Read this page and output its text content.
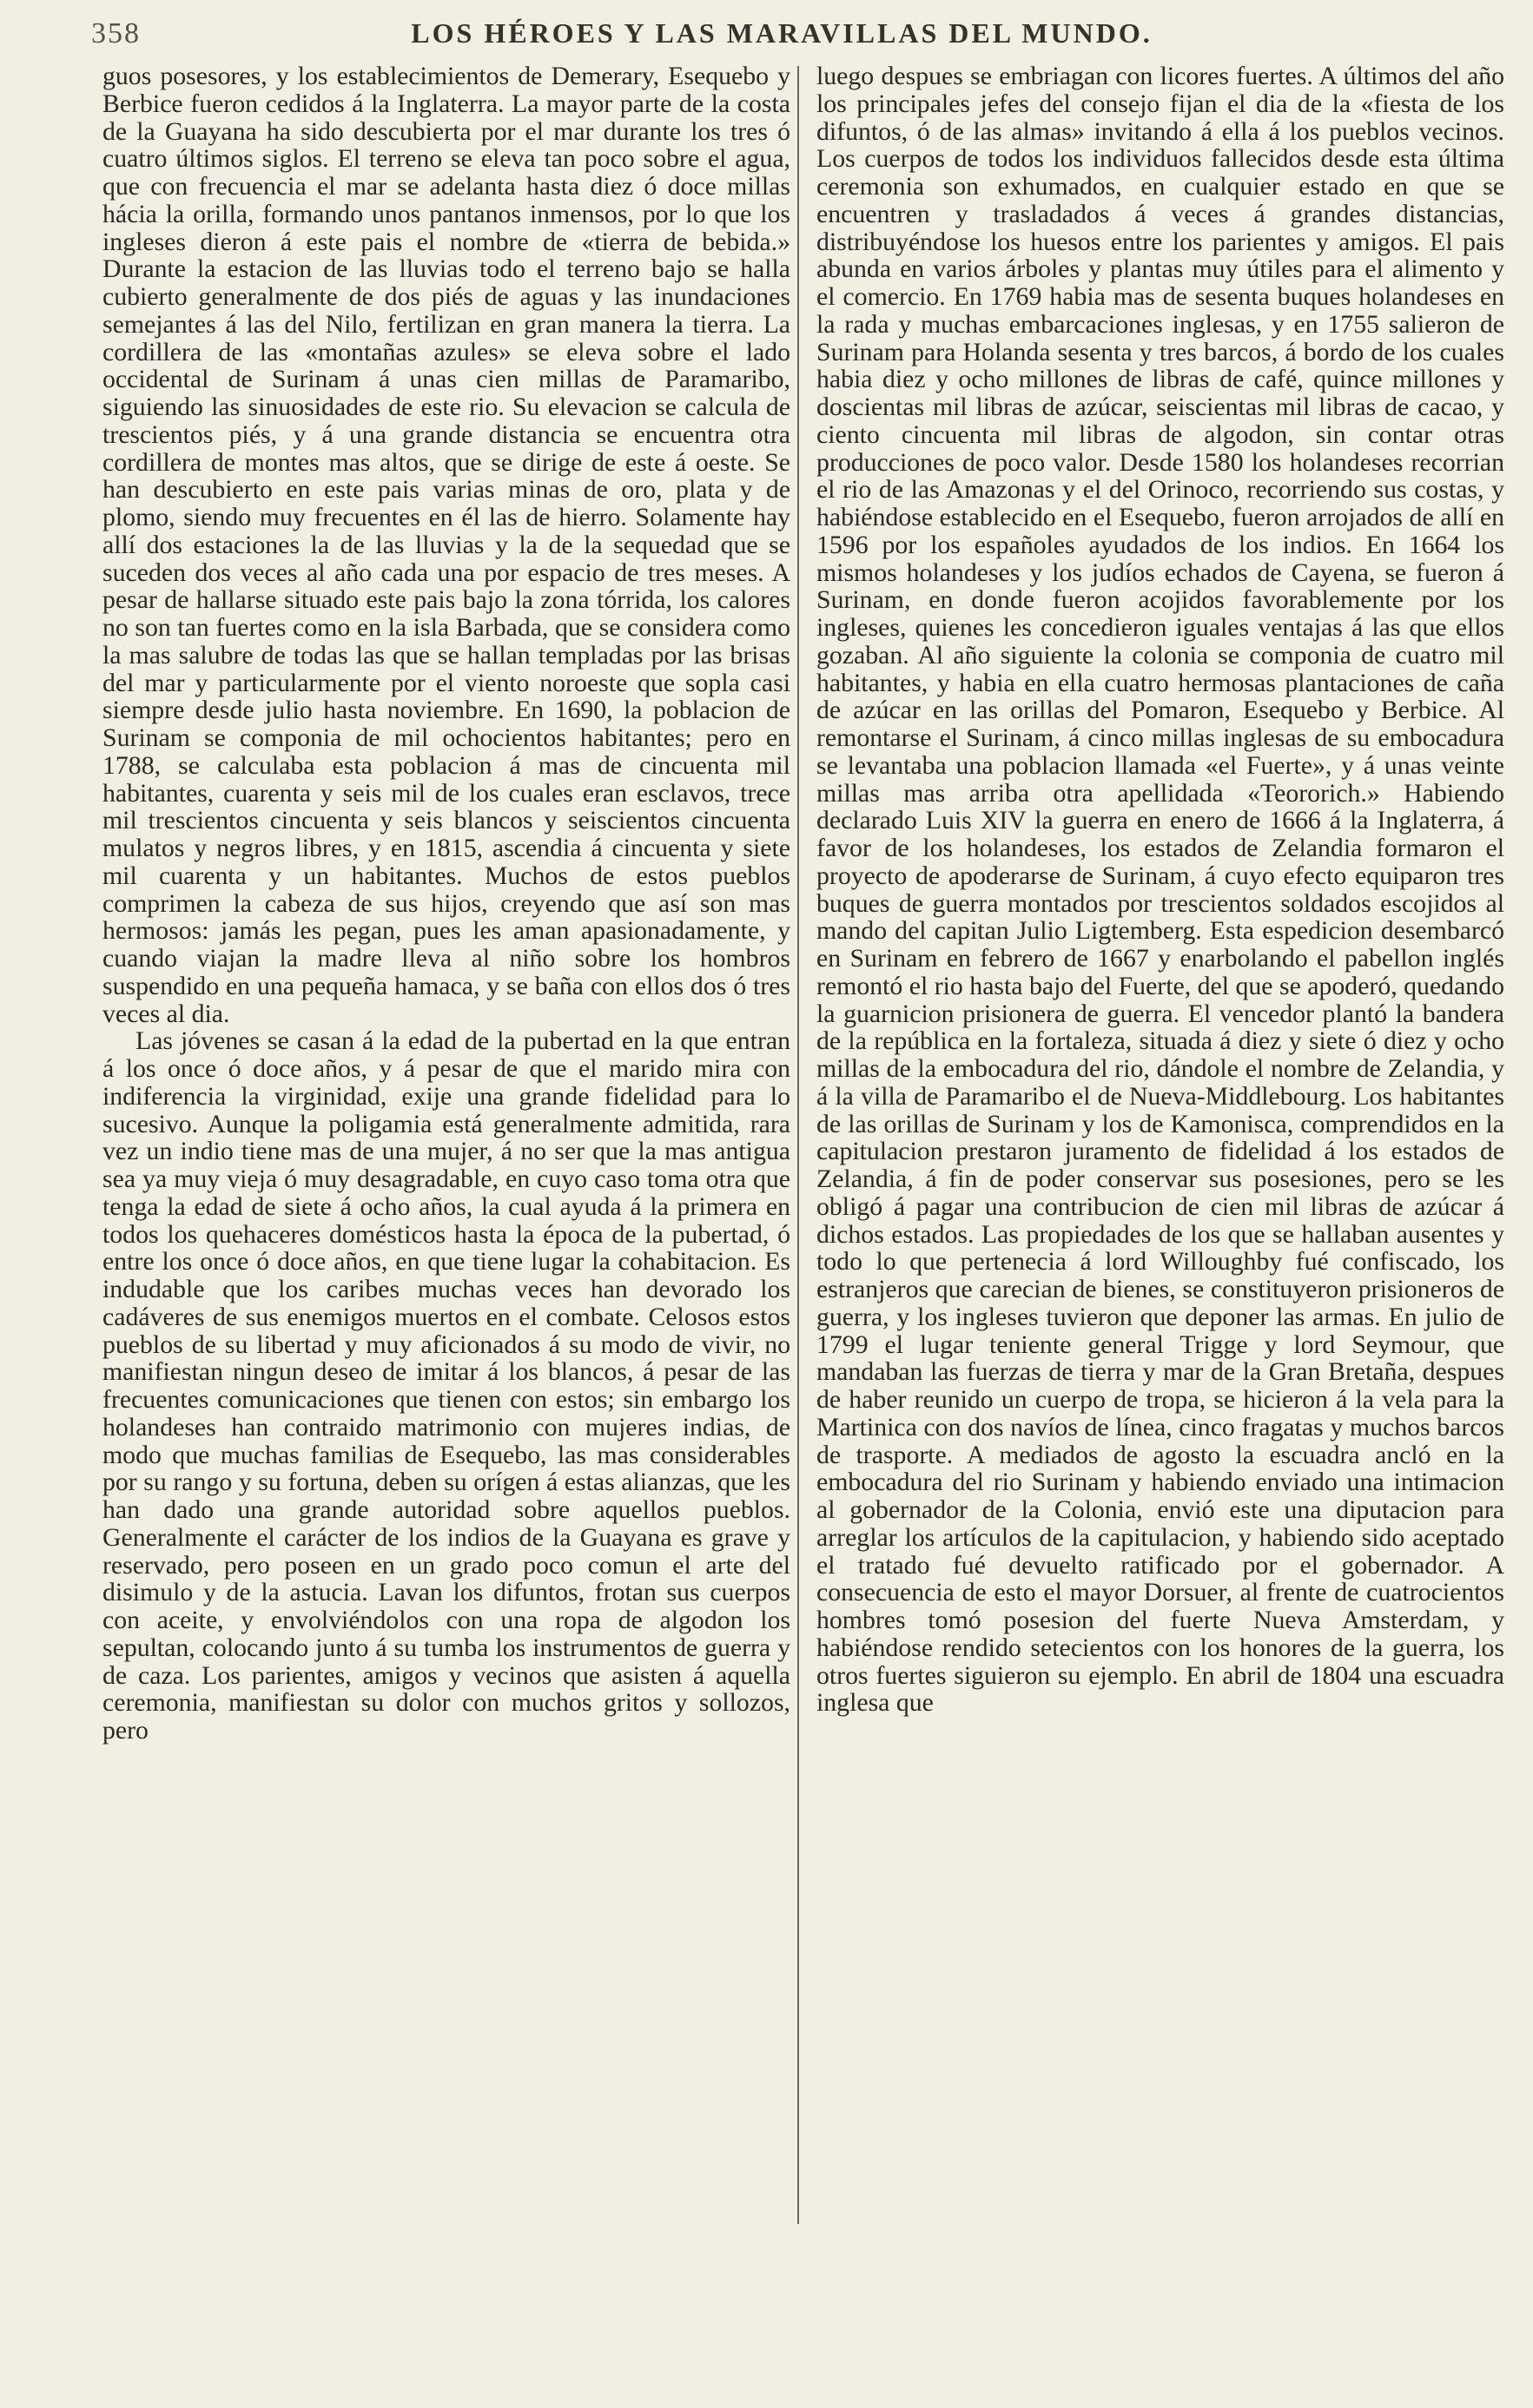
358	LOS HÉROES Y LAS MARAVILLAS DEL MUNDO.

guos posesores, y los establecimientos de Demerary, Esequebo y Berbice fueron cedidos á la Inglaterra. La mayor parte de la costa de la Guayana ha sido descubierta por el mar durante los tres ó cuatro últimos siglos. El terreno se eleva tan poco sobre el agua, que con frecuencia el mar se adelanta hasta diez ó doce millas hácia la orilla, formando unos pantanos inmensos, por lo que los ingleses dieron á este pais el nombre de «tierra de bebida.» Durante la estacion de las lluvias todo el terreno bajo se halla cubierto generalmente de dos piés de aguas y las inundaciones semejantes á las del Nilo, fertilizan en gran manera la tierra. La cordillera de las «montañas azules» se eleva sobre el lado occidental de Surinam á unas cien millas de Paramaribo, siguiendo las sinuosidades de este rio. Su elevacion se calcula de trescientos piés, y á una grande distancia se encuentra otra cordillera de montes mas altos, que se dirige de este á oeste. Se han descubierto en este pais varias minas de oro, plata y de plomo, siendo muy frecuentes en él las de hierro. Solamente hay allí dos estaciones la de las lluvias y la de la sequedad que se suceden dos veces al año cada una por espacio de tres meses. A pesar de hallarse situado este pais bajo la zona tórrida, los calores no son tan fuertes como en la isla Barbada, que se considera como la mas salubre de todas las que se hallan templadas por las brisas del mar y particularmente por el viento noroeste que sopla casi siempre desde julio hasta noviembre. En 1690, la poblacion de Surinam se componia de mil ochocientos habitantes; pero en 1788, se calculaba esta poblacion á mas de cincuenta mil habitantes, cuarenta y seis mil de los cuales eran esclavos, trece mil trescientos cincuenta y seis blancos y seiscientos cincuenta mulatos y negros libres, y en 1815, ascendia á cincuenta y siete mil cuarenta y un habitantes. Muchos de estos pueblos comprimen la cabeza de sus hijos, creyendo que así son mas hermosos: jamás les pegan, pues les aman apasionadamente, y cuando viajan la madre lleva al niño sobre los hombros suspendido en una pequeña hamaca, y se baña con ellos dos ó tres veces al dia.

Las jóvenes se casan á la edad de la pubertad en la que entran á los once ó doce años, y á pesar de que el marido mira con indiferencia la virginidad, exije una grande fidelidad para lo sucesivo. Aunque la poligamia está generalmente admitida, rara vez un indio tiene mas de una mujer, á no ser que la mas antigua sea ya muy vieja ó muy desagradable, en cuyo caso toma otra que tenga la edad de siete á ocho años, la cual ayuda á la primera en todos los quehaceres domésticos hasta la época de la pubertad, ó entre los once ó doce años, en que tiene lugar la cohabitacion. Es indudable que los caribes muchas veces han devorado los cadáveres de sus enemigos muertos en el combate. Celosos estos pueblos de su libertad y muy aficionados á su modo de vivir, no manifiestan ningun deseo de imitar á los blancos, á pesar de las frecuentes comunicaciones que tienen con estos; sin embargo los holandeses han contraido matrimonio con mujeres indias, de modo que muchas familias de Esequebo, las mas considerables por su rango y su fortuna, deben su orígen á estas alianzas, que les han dado una grande autoridad sobre aquellos pueblos. Generalmente el carácter de los indios de la Guayana es grave y reservado, pero poseen en un grado poco comun el arte del disimulo y de la astucia. Lavan los difuntos, frotan sus cuerpos con aceite, y envolviéndolos con una ropa de algodon los sepultan, colocando junto á su tumba los instrumentos de guerra y de caza. Los parientes, amigos y vecinos que asisten á aquella ceremonia, manifiestan su dolor con muchos gritos y sollozos, pero

luego despues se embriagan con licores fuertes. A últimos del año los principales jefes del consejo fijan el dia de la «fiesta de los difuntos, ó de las almas» invitando á ella á los pueblos vecinos. Los cuerpos de todos los individuos fallecidos desde esta última ceremonia son exhumados, en cualquier estado en que se encuentren y trasladados á veces á grandes distancias, distribuyéndose los huesos entre los parientes y amigos. El pais abunda en varios árboles y plantas muy útiles para el alimento y el comercio. En 1769 habia mas de sesenta buques holandeses en la rada y muchas embarcaciones inglesas, y en 1755 salieron de Surinam para Holanda sesenta y tres barcos, á bordo de los cuales habia diez y ocho millones de libras de café, quince millones y doscientas mil libras de azúcar, seiscientas mil libras de cacao, y ciento cincuenta mil libras de algodon, sin contar otras producciones de poco valor. Desde 1580 los holandeses recorrian el rio de las Amazonas y el del Orinoco, recorriendo sus costas, y habiéndose establecido en el Esequebo, fueron arrojados de allí en 1596 por los españoles ayudados de los indios. En 1664 los mismos holandeses y los judíos echados de Cayena, se fueron á Surinam, en donde fueron acojidos favorablemente por los ingleses, quienes les concedieron iguales ventajas á las que ellos gozaban. Al año siguiente la colonia se componia de cuatro mil habitantes, y habia en ella cuatro hermosas plantaciones de caña de azúcar en las orillas del Pomaron, Esequebo y Berbice. Al remontarse el Surinam, á cinco millas inglesas de su embocadura se levantaba una poblacion llamada «el Fuerte», y á unas veinte millas mas arriba otra apellidada «Teororich.» Habiendo declarado Luis XIV la guerra en enero de 1666 á la Inglaterra, á favor de los holandeses, los estados de Zelandia formaron el proyecto de apoderarse de Surinam, á cuyo efecto equiparon tres buques de guerra montados por trescientos soldados escojidos al mando del capitan Julio Ligtemberg. Esta espedicion desembarcó en Surinam en febrero de 1667 y enarbolando el pabellon inglés remontó el rio hasta bajo del Fuerte, del que se apoderó, quedando la guarnicion prisionera de guerra. El vencedor plantó la bandera de la república en la fortaleza, situada á diez y siete ó diez y ocho millas de la embocadura del rio, dándole el nombre de Zelandia, y á la villa de Paramaribo el de Nueva-Middlebourg. Los habitantes de las orillas de Surinam y los de Kamonisca, comprendidos en la capitulacion prestaron juramento de fidelidad á los estados de Zelandia, á fin de poder conservar sus posesiones, pero se les obligó á pagar una contribucion de cien mil libras de azúcar á dichos estados. Las propiedades de los que se hallaban ausentes y todo lo que pertenecia á lord Willoughby fué confiscado, los estranjeros que carecian de bienes, se constituyeron prisioneros de guerra, y los ingleses tuvieron que deponer las armas. En julio de 1799 el lugar teniente general Trigge y lord Seymour, que mandaban las fuerzas de tierra y mar de la Gran Bretaña, despues de haber reunido un cuerpo de tropa, se hicieron á la vela para la Martinica con dos navíos de línea, cinco fragatas y muchos barcos de trasporte. A mediados de agosto la escuadra ancló en la embocadura del rio Surinam y habiendo enviado una intimacion al gobernador de la Colonia, envió este una diputacion para arreglar los artículos de la capitulacion, y habiendo sido aceptado el tratado fué devuelto ratificado por el gobernador. A consecuencia de esto el mayor Dorsuer, al frente de cuatrocientos hombres tomó posesion del fuerte Nueva Amsterdam, y habiéndose rendido setecientos con los honores de la guerra, los otros fuertes siguieron su ejemplo. En abril de 1804 una escuadra inglesa que
